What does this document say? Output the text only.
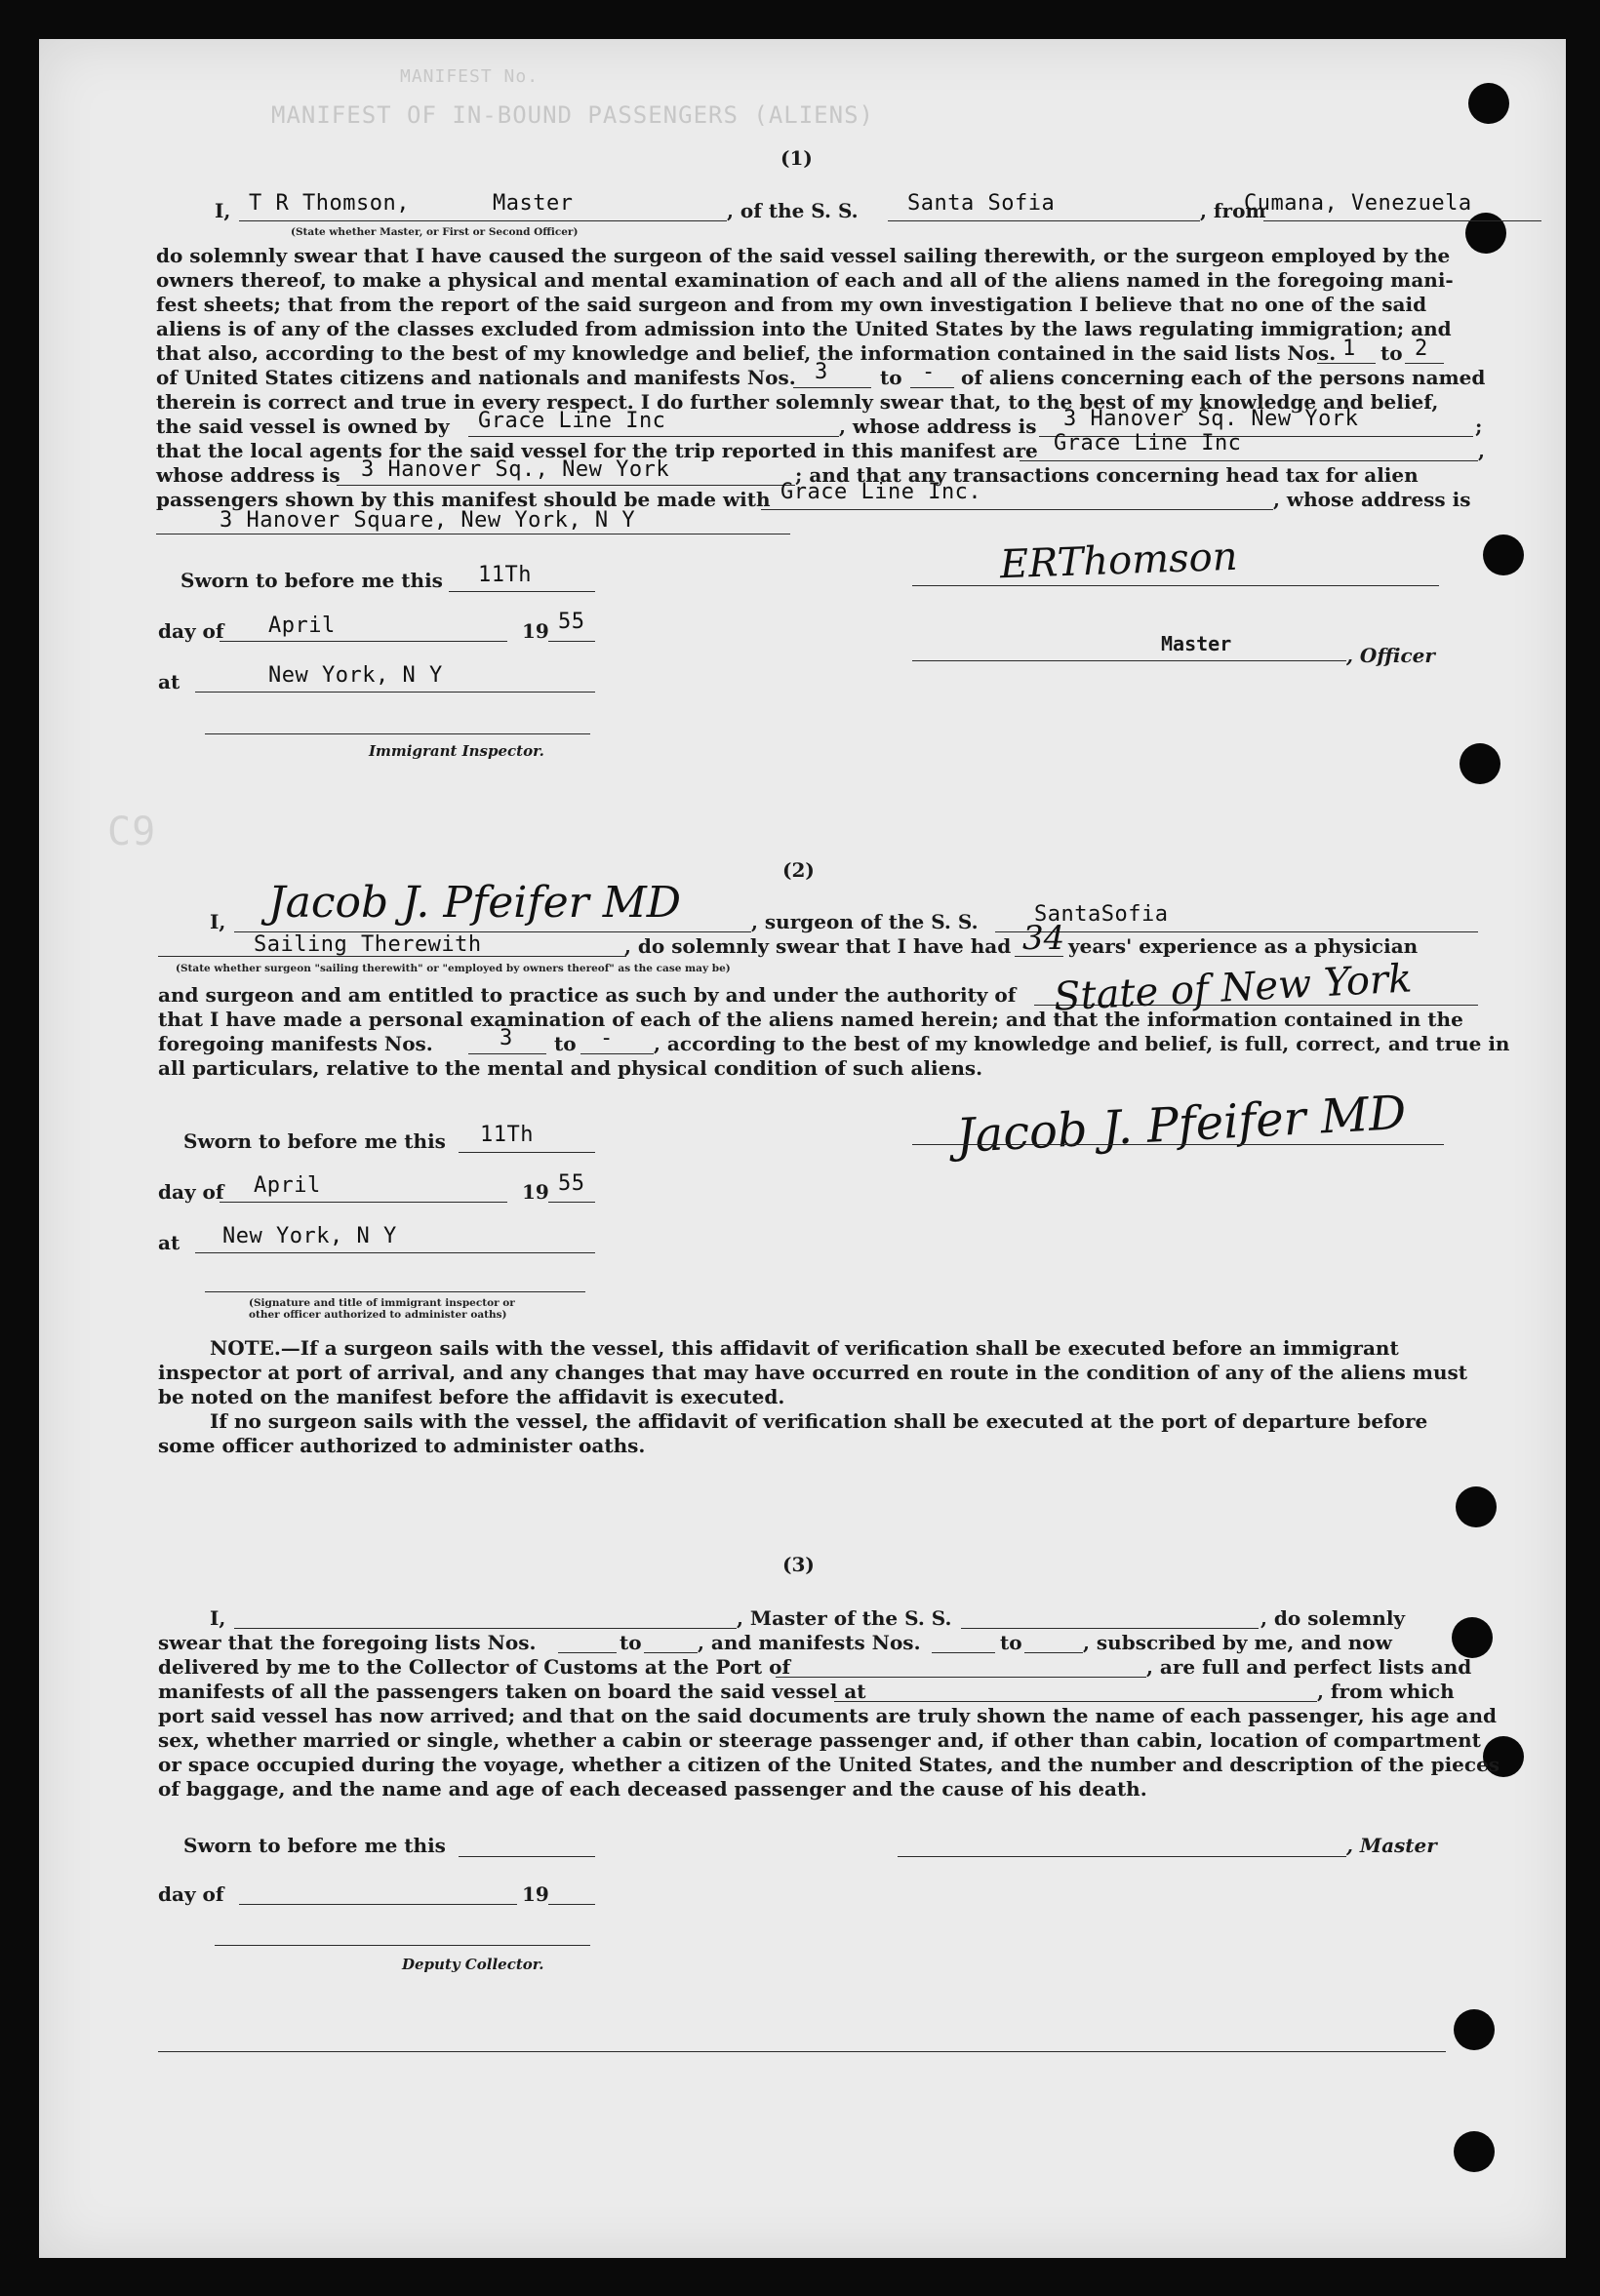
MANIFEST No.
MANIFEST OF IN-BOUND PASSENGERS (ALIENS)
C9
(1)
I, T R Thomson,	Master	, of the S. S. Santa Sofia	, from
Cumana, Venezuela
(State whether Master, or First or Second Officer)
do solemnly swear that I have caused the surgeon of the said vessel sailing therewith, or the surgeon employed by the
owners thereof, to make a physical and mental examination of each and all of the aliens named in the foregoing mani-
fest sheets; that from the report of the said surgeon and from my own investigation I believe that no one of the said
aliens is of any of the classes excluded from admission into the United States by the laws regulating immigration; and
that also, according to the best of my knowledge and belief, the information contained in the said lists Nos. 1 to 2
of United States citizens and nationals and manifests Nos. 3	to - of aliens concerning each of the persons named
therein is correct and true in every respect. I do further solemnly swear that, to the best of my knowledge and belief,
the said vessel is owned by Grace Line Inc	, whose address is 3 Hanover Sq. New York	;
that the local agents for the said vessel for the trip reported in this manifest are Grace Line Inc	,
whose address is 3 Hanover Sq., New York	; and that any transactions concerning head tax for alien
passengers shown by this manifest should be made with Grace Line Inc.	, whose address is
3 Hanover Square, New York, N Y
Sworn to before me this 11Th
day of April	19 55
at	New York, N Y
Immigrant Inspector.
ERThomson
Master	, Officer
(2)
I, Jacob J. Pfeifer MD	, surgeon of the S. S.	SantaSofia
Sailing Therewith	, do solemnly swear that I have had 34 years' experience as a physician
(State whether surgeon "sailing therewith" or "employed by owners thereof" as the case may be)
and surgeon and am entitled to practice as such by and under the authority of State of New York
that I have made a personal examination of each of the aliens named herein; and that the information contained in the
foregoing manifests Nos.	3 to - , according to the best of my knowledge and belief, is full, correct, and true in
all particulars, relative to the mental and physical condition of such aliens.
Sworn to before me this 11Th
day of April	19 55
at New York, N Y
(Signature and title of immigrant inspector or
other officer authorized to administer oaths)
Jacob J. Pfeifer MD
NOTE.—If a surgeon sails with the vessel, this affidavit of verification shall be executed before an immigrant
inspector at port of arrival, and any changes that may have occurred en route in the condition of any of the aliens must
be noted on the manifest before the affidavit is executed.
If no surgeon sails with the vessel, the affidavit of verification shall be executed at the port of departure before
some officer authorized to administer oaths.
(3)
I,	, Master of the S. S.	, do solemnly
swear that the foregoing lists Nos.	to	, and manifests Nos.	to	, subscribed by me, and now
delivered by me to the Collector of Customs at the Port of	, are full and perfect lists and
manifests of all the passengers taken on board the said vessel at	, from which
port said vessel has now arrived; and that on the said documents are truly shown the name of each passenger, his age and
sex, whether married or single, whether a cabin or steerage passenger and, if other than cabin, location of compartment
or space occupied during the voyage, whether a citizen of the United States, and the number and description of the pieces
of baggage, and the name and age of each deceased passenger and the cause of his death.
Sworn to before me this	, Master
day of	19
Deputy Collector.
